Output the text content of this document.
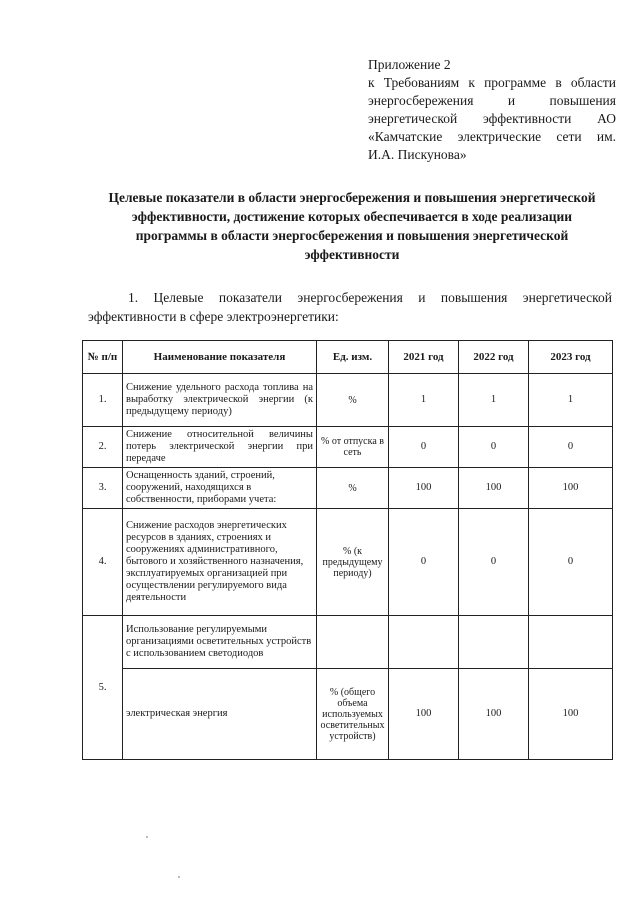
Приложение 2
к Требованиям к программе в области
энергосбережения и повышения
энергетической эффективности АО
«Камчатские электрические сети им.
И.А. Пискунова»
Целевые показатели в области энергосбережения и повышения энергетической эффективности, достижение которых обеспечивается в ходе реализации программы в области энергосбережения и повышения энергетической эффективности
1. Целевые показатели энергосбережения и повышения энергетической эффективности в сфере электроэнергетики:
№ п/п	Наименование показателя	Ед. изм.	2021 год	2022 год	2023 год
1.	Снижение удельного расхода топлива на выработку электрической энергии (к предыдущему периоду)	%	1	1	1
2.	Снижение относительной величины потерь электрической энергии при передаче	% от отпуска в сеть	0	0	0
3.	Оснащенность зданий, строений, сооружений, находящихся в собственности, приборами учета:	%	100	100	100
4.	Снижение расходов энергетических ресурсов в зданиях, строениях и сооружениях административного, бытового и хозяйственного назначения, эксплуатируемых организацией при осуществлении регулируемого вида деятельности	% (к предыдущему периоду)	0	0	0
5.	Использование регулируемыми организациями осветительных устройств с использованием светодиодов				
	электрическая энергия	% (общего объема используемых осветительных устройств)	100	100	100
